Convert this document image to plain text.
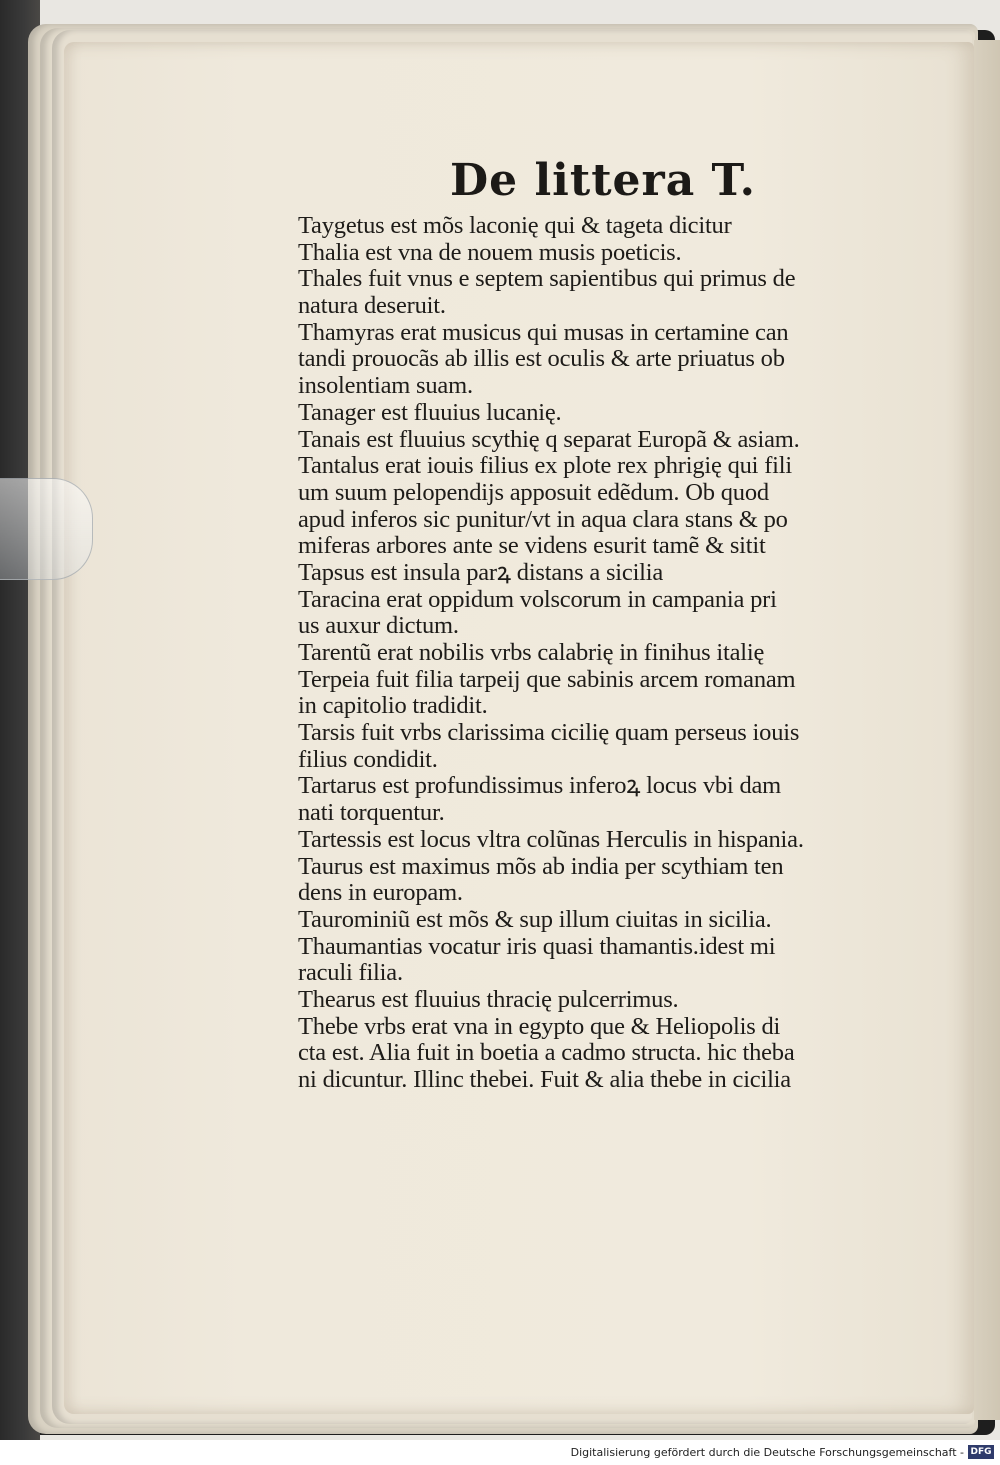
De littera T.
Taygetus est mõs laconię qui & tageta dicitur
Thalia est vna de nouem musis poeticis.
Thales fuit vnus e septem sapientibus qui primus de
natura deseruit.
Thamyras erat musicus qui musas in certamine can
tandi prouocãs ab illis est oculis & arte priuatus ob
insolentiam suam.
Tanager est fluuius lucanię.
Tanais est fluuius scythię q separat Europã & asiam.
Tantalus erat iouis filius ex plote rex phrigię qui fili
um suum pelopendijs apposuit edẽdum. Ob quod
apud inferos sic punitur/vt in aqua clara stans & po
miferas arbores ante se videns esurit tamẽ & sitit
Tapsus est insula parꝝ distans a sicilia
Taracina erat oppidum volscorum in campania pri
us auxur dictum.
Tarentũ erat nobilis vrbs calabrię in finihus italię
Terpeia fuit filia tarpeij que sabinis arcem romanam
in capitolio tradidit.
Tarsis fuit vrbs clarissima cicilię quam perseus iouis
filius condidit.
Tartarus est profundissimus inferoꝝ locus vbi dam
nati torquentur.
Tartessis est locus vltra colũnas Herculis in hispania.
Taurus est maximus mõs ab india per scythiam ten
dens in europam.
Taurominiũ est mõs & sup illum ciuitas in sicilia.
Thaumantias vocatur iris quasi thamantis.idest mi
raculi filia.
Thearus est fluuius thracię pulcerrimus.
Thebe vrbs erat vna in egypto que & Heliopolis di
cta est. Alia fuit in boetia a cadmo structa. hic theba
ni dicuntur. Illinc thebei. Fuit & alia thebe in cicilia
Digitalisierung gefördert durch die Deutsche Forschungsgemeinschaft - DFG
